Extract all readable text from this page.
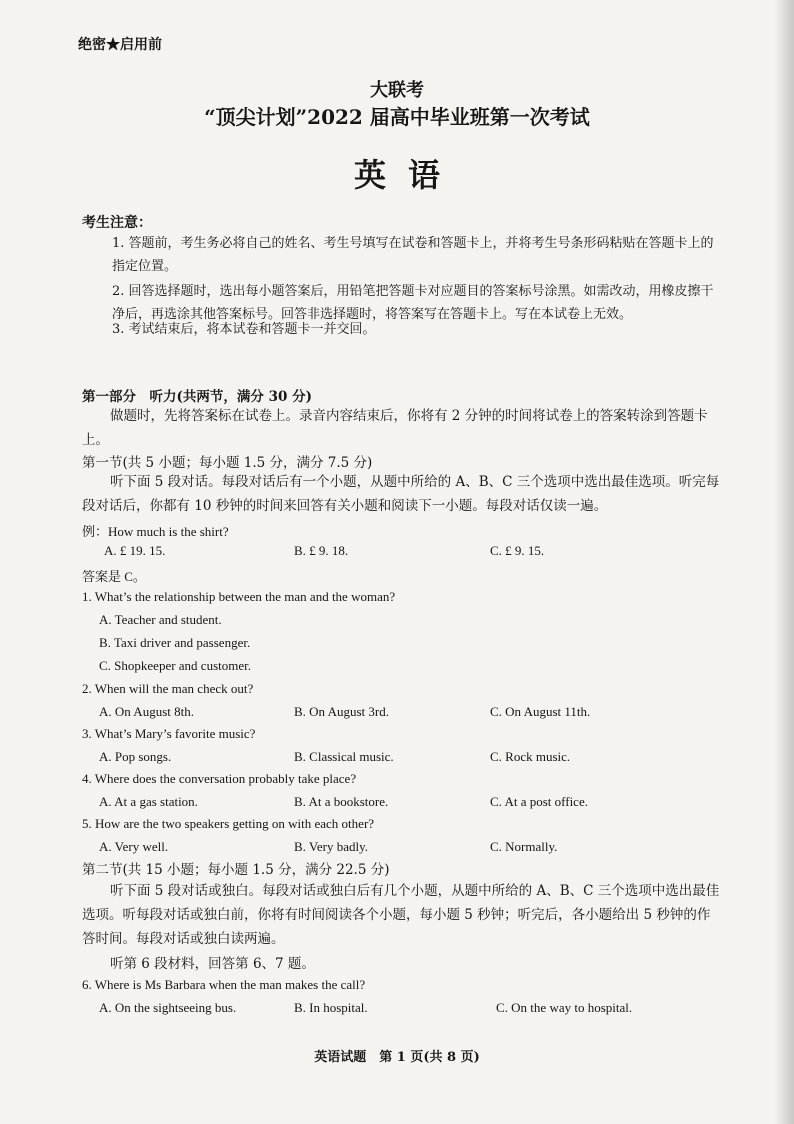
绝密★启用前
大联考
“顶尖计划”2022 届高中毕业班第一次考试
英语
考生注意：
1. 答题前，考生务必将自己的姓名、考生号填写在试卷和答题卡上，并将考生号条形码粘贴在答题卡上的指定位置。
2. 回答选择题时，选出每小题答案后，用铅笔把答题卡对应题目的答案标号涂黑。如需改动，用橡皮擦干净后，再选涂其他答案标号。回答非选择题时，将答案写在答题卡上。写在本试卷上无效。
3. 考试结束后，将本试卷和答题卡一并交回。
第一部分　听力(共两节，满分 30 分)
做题时，先将答案标在试卷上。录音内容结束后，你将有 2 分钟的时间将试卷上的答案转涂到答题卡上。
第一节(共 5 小题；每小题 1.5 分，满分 7.5 分)
听下面 5 段对话。每段对话后有一个小题，从题中所给的 A、B、C 三个选项中选出最佳选项。听完每段对话后，你都有 10 秒钟的时间来回答有关小题和阅读下一小题。每段对话仅读一遍。
例：How much is the shirt?
A. £ 19. 15.	B. £ 9. 18.	C. £ 9. 15.
答案是 C。
1. What’s the relationship between the man and the woman?
A. Teacher and student.
B. Taxi driver and passenger.
C. Shopkeeper and customer.
2. When will the man check out?
A. On August 8th.	B. On August 3rd.	C. On August 11th.
3. What’s Mary’s favorite music?
A. Pop songs.	B. Classical music.	C. Rock music.
4. Where does the conversation probably take place?
A. At a gas station.	B. At a bookstore.	C. At a post office.
5. How are the two speakers getting on with each other?
A. Very well.	B. Very badly.	C. Normally.
第二节(共 15 小题；每小题 1.5 分，满分 22.5 分)
听下面 5 段对话或独白。每段对话或独白后有几个小题，从题中所给的 A、B、C 三个选项中选出最佳选项。听每段对话或独白前，你将有时间阅读各个小题，每小题 5 秒钟；听完后，各小题给出 5 秒钟的作答时间。每段对话或独白读两遍。
听第 6 段材料，回答第 6、7 题。
6. Where is Ms Barbara when the man makes the call?
A. On the sightseeing bus.	B. In hospital.	C. On the way to hospital.
英语试题　第 1 页(共 8 页)
